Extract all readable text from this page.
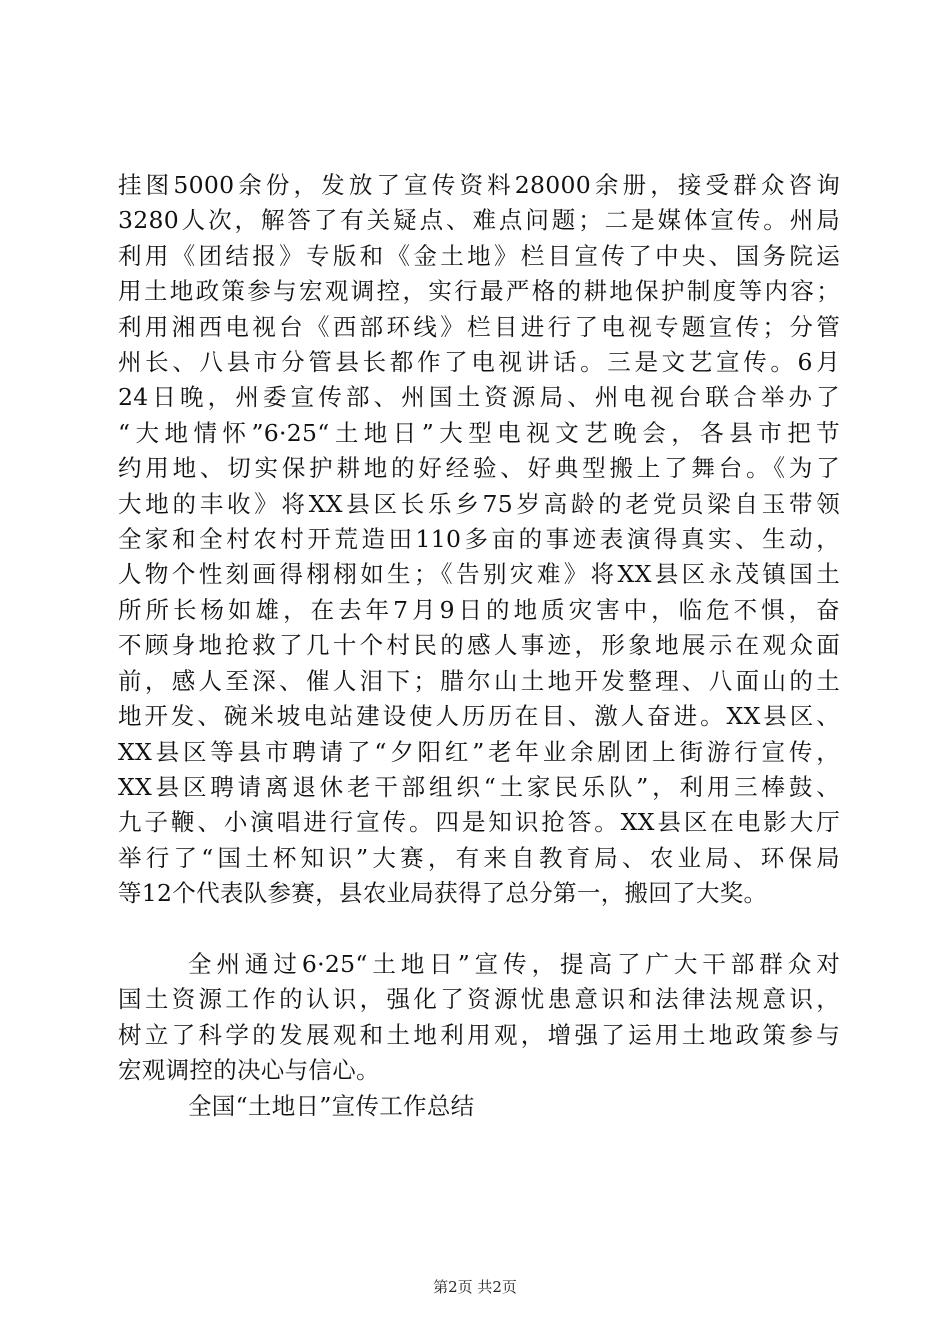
挂图5000余份，发放了宣传资料28000余册，接受群众咨询
3280人次，解答了有关疑点、难点问题；二是媒体宣传。州局
利用《团结报》专版和《金土地》栏目宣传了中央、国务院运
用土地政策参与宏观调控，实行最严格的耕地保护制度等内容；
利用湘西电视台《西部环线》栏目进行了电视专题宣传；分管
州长、八县市分管县长都作了电视讲话。三是文艺宣传。6月
24日晚，州委宣传部、州国土资源局、州电视台联合举办了
“大地情怀”6·25“土地日”大型电视文艺晚会，各县市把节
约用地、切实保护耕地的好经验、好典型搬上了舞台。《为了
大地的丰收》将XX县区长乐乡75岁高龄的老党员梁自玉带领
全家和全村农村开荒造田110多亩的事迹表演得真实、生动，
人物个性刻画得栩栩如生；《告别灾难》将XX县区永茂镇国土
所所长杨如雄，在去年7月9日的地质灾害中，临危不惧，奋
不顾身地抢救了几十个村民的感人事迹，形象地展示在观众面
前，感人至深、催人泪下；腊尔山土地开发整理、八面山的土
地开发、碗米坡电站建设使人历历在目、激人奋进。XX县区、
XX县区等县市聘请了“夕阳红”老年业余剧团上街游行宣传，
XX县区聘请离退休老干部组织“土家民乐队”，利用三棒鼓、
九子鞭、小演唱进行宣传。四是知识抢答。XX县区在电影大厅
举行了“国土杯知识”大赛，有来自教育局、农业局、环保局
等12个代表队参赛，县农业局获得了总分第一，搬回了大奖。
全州通过6·25“土地日”宣传，提高了广大干部群众对
国土资源工作的认识，强化了资源忧患意识和法律法规意识，
树立了科学的发展观和土地利用观，增强了运用土地政策参与
宏观调控的决心与信心。
全国“土地日”宣传工作总结
第2页 共2页
